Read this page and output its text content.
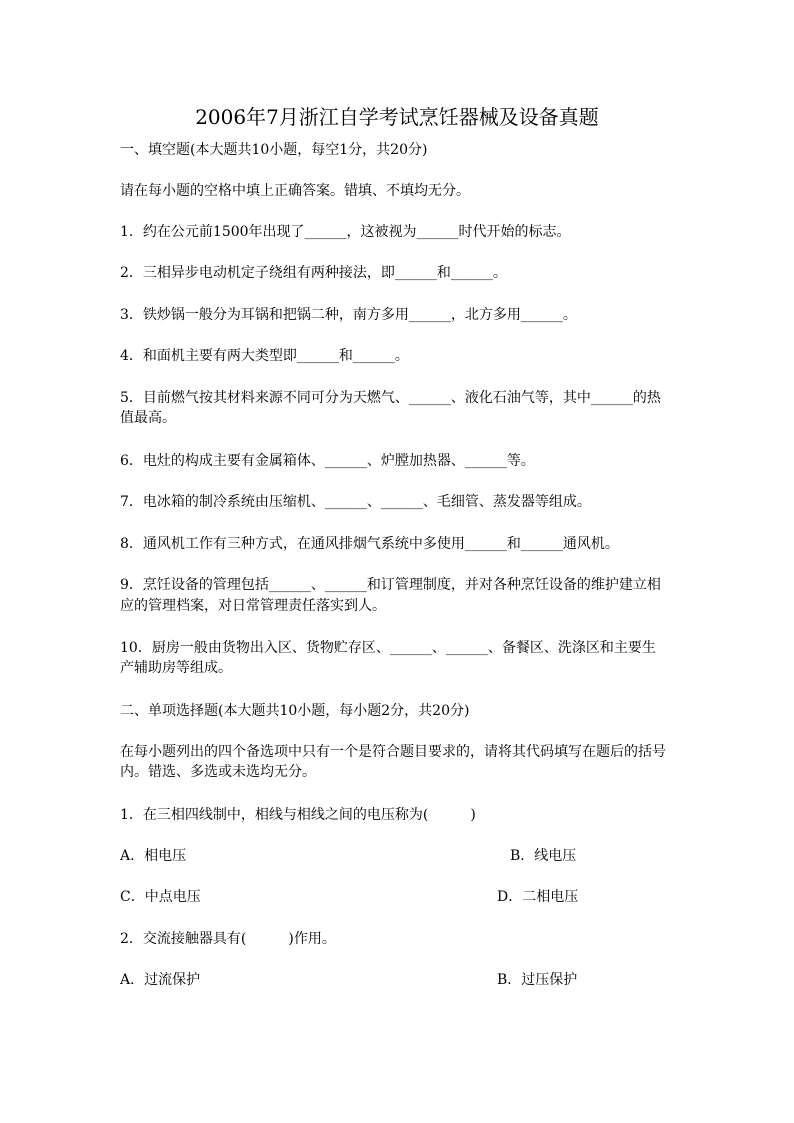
2006年7月浙江自学考试烹饪器械及设备真题
一、填空题(本大题共10小题，每空1分，共20分)
请在每小题的空格中填上正确答案。错填、不填均无分。
1．约在公元前1500年出现了______，这被视为______时代开始的标志。
2．三相异步电动机定子绕组有两种接法，即______和______。
3．铁炒锅一般分为耳锅和把锅二种，南方多用______，北方多用______。
4．和面机主要有两大类型即______和______。
5．目前燃气按其材料来源不同可分为天燃气、______、液化石油气等，其中______的热
值最高。
6．电灶的构成主要有金属箱体、______、炉膛加热器、______等。
7．电冰箱的制冷系统由压缩机、______、______、毛细管、蒸发器等组成。
8．通风机工作有三种方式，在通风排烟气系统中多使用______和______通风机。
9．烹饪设备的管理包括______、______和订管理制度，并对各种烹饪设备的维护建立相
应的管理档案，对日常管理责任落实到人。
10．厨房一般由货物出入区、货物贮存区、______、______、备餐区、洗涤区和主要生
产辅助房等组成。
二、单项选择题(本大题共10小题，每小题2分，共20分)
在每小题列出的四个备选项中只有一个是符合题目要求的，请将其代码填写在题后的括号
内。错选、多选或未选均无分。
1．在三相四线制中，相线与相线之间的电压称为(　　　)
A．相电压	B．线电压
C．中点电压	D．二相电压
2．交流接触器具有(　　　)作用。
A．过流保护	B．过压保护
